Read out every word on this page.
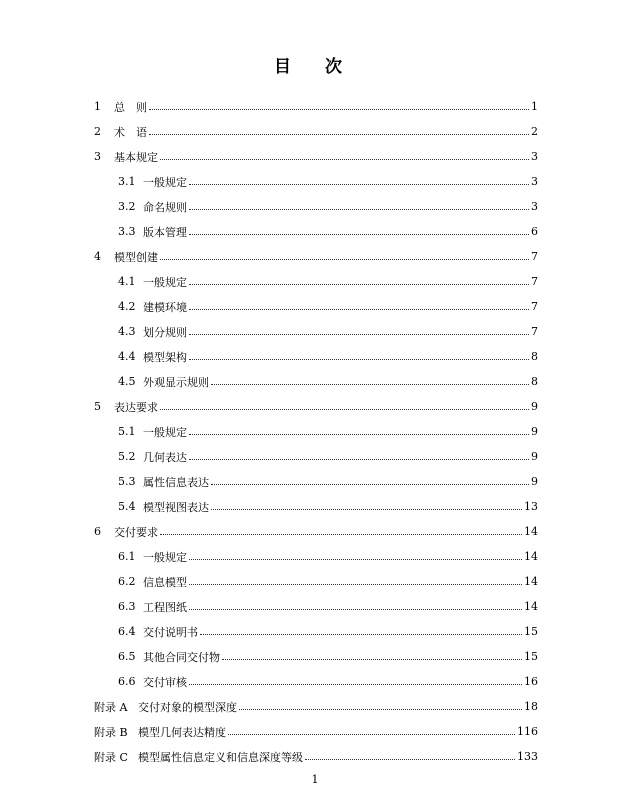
目 次
1	总　则	1
2	术　语	2
3	基本规定	3
3.1 一般规定	3
3.2 命名规则	3
3.3 版本管理	6
4	模型创建	7
4.1 一般规定	7
4.2 建模环境	7
4.3 划分规则	7
4.4 模型架构	8
4.5 外观显示规则	8
5	表达要求	9
5.1 一般规定	9
5.2 几何表达	9
5.3 属性信息表达	9
5.4 模型视图表达	13
6	交付要求	14
6.1 一般规定	14
6.2 信息模型	14
6.3 工程图纸	14
6.4 交付说明书	15
6.5 其他合同交付物	15
6.6 交付审核	16
附录 A 交付对象的模型深度	18
附录 B 模型几何表达精度	116
附录 C 模型属性信息定义和信息深度等级	133
1
